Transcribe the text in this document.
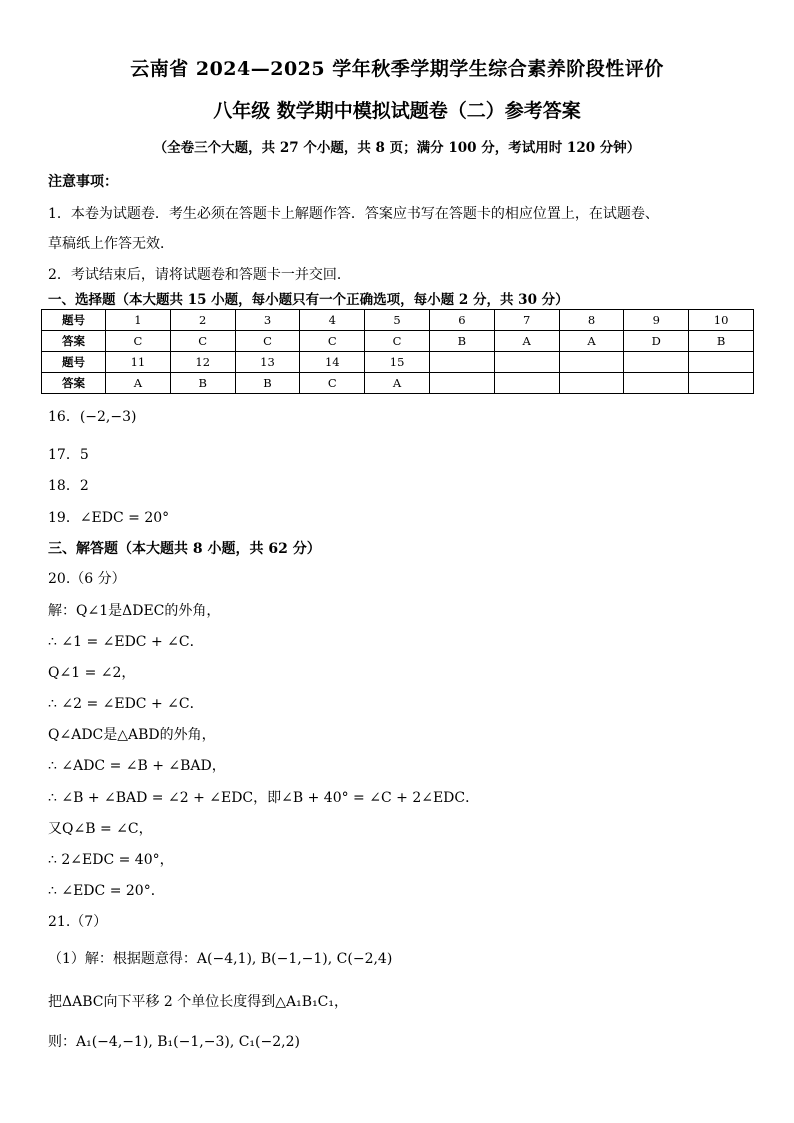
云南省 2024—2025 学年秋季学期学生综合素养阶段性评价
八年级 数学期中模拟试题卷（二）参考答案
（全卷三个大题，共 27 个小题，共 8 页；满分 100 分，考试用时 120 分钟）
注意事项：
1．本卷为试题卷．考生必须在答题卡上解题作答．答案应书写在答题卡的相应位置上，在试题卷、
草稿纸上作答无效．
2．考试结束后，请将试题卷和答题卡一并交回．
一、选择题（本大题共 15 小题，每小题只有一个正确选项，每小题 2 分，共 30 分）
题号	1	2	3	4	5	6	7	8	9	10
答案	C	C	C	C	C	B	A	A	D	B
题号	11	12	13	14	15					
答案	A	B	B	C	A					
16．(−2,−3)
17．5
18．2
19．∠EDC = 20°
三、解答题（本大题共 8 小题，共 62 分）
20.（6 分）
解：Q∠1是ΔDEC的外角，
∴ ∠1 = ∠EDC + ∠C．
Q∠1 = ∠2，
∴ ∠2 = ∠EDC + ∠C．
Q∠ADC是△ABD的外角，
∴ ∠ADC = ∠B + ∠BAD，
∴ ∠B + ∠BAD = ∠2 + ∠EDC，即∠B + 40° = ∠C + 2∠EDC．
又Q∠B = ∠C，
∴ 2∠EDC = 40°，
∴ ∠EDC = 20°．
21.（7）
（1）解：根据题意得：A(−4,1), B(−1,−1), C(−2,4)
把ΔABC向下平移 2 个单位长度得到△A₁B₁C₁，
则：A₁(−4,−1), B₁(−1,−3), C₁(−2,2)
